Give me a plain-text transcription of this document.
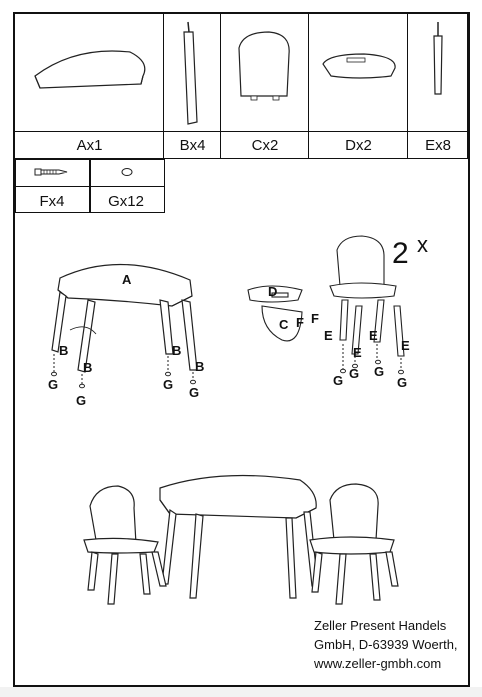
Ax1	Bx4	Cx2	Dx2	Ex8
Fx4	Gx12
A
B
B
B
B
G
G
G
G
D
C F
F
E
E
E
E
G G G
G
2 $^x$
Zeller Present Handels
GmbH, D-63939 Woerth,
www.zeller-gmbh.com
